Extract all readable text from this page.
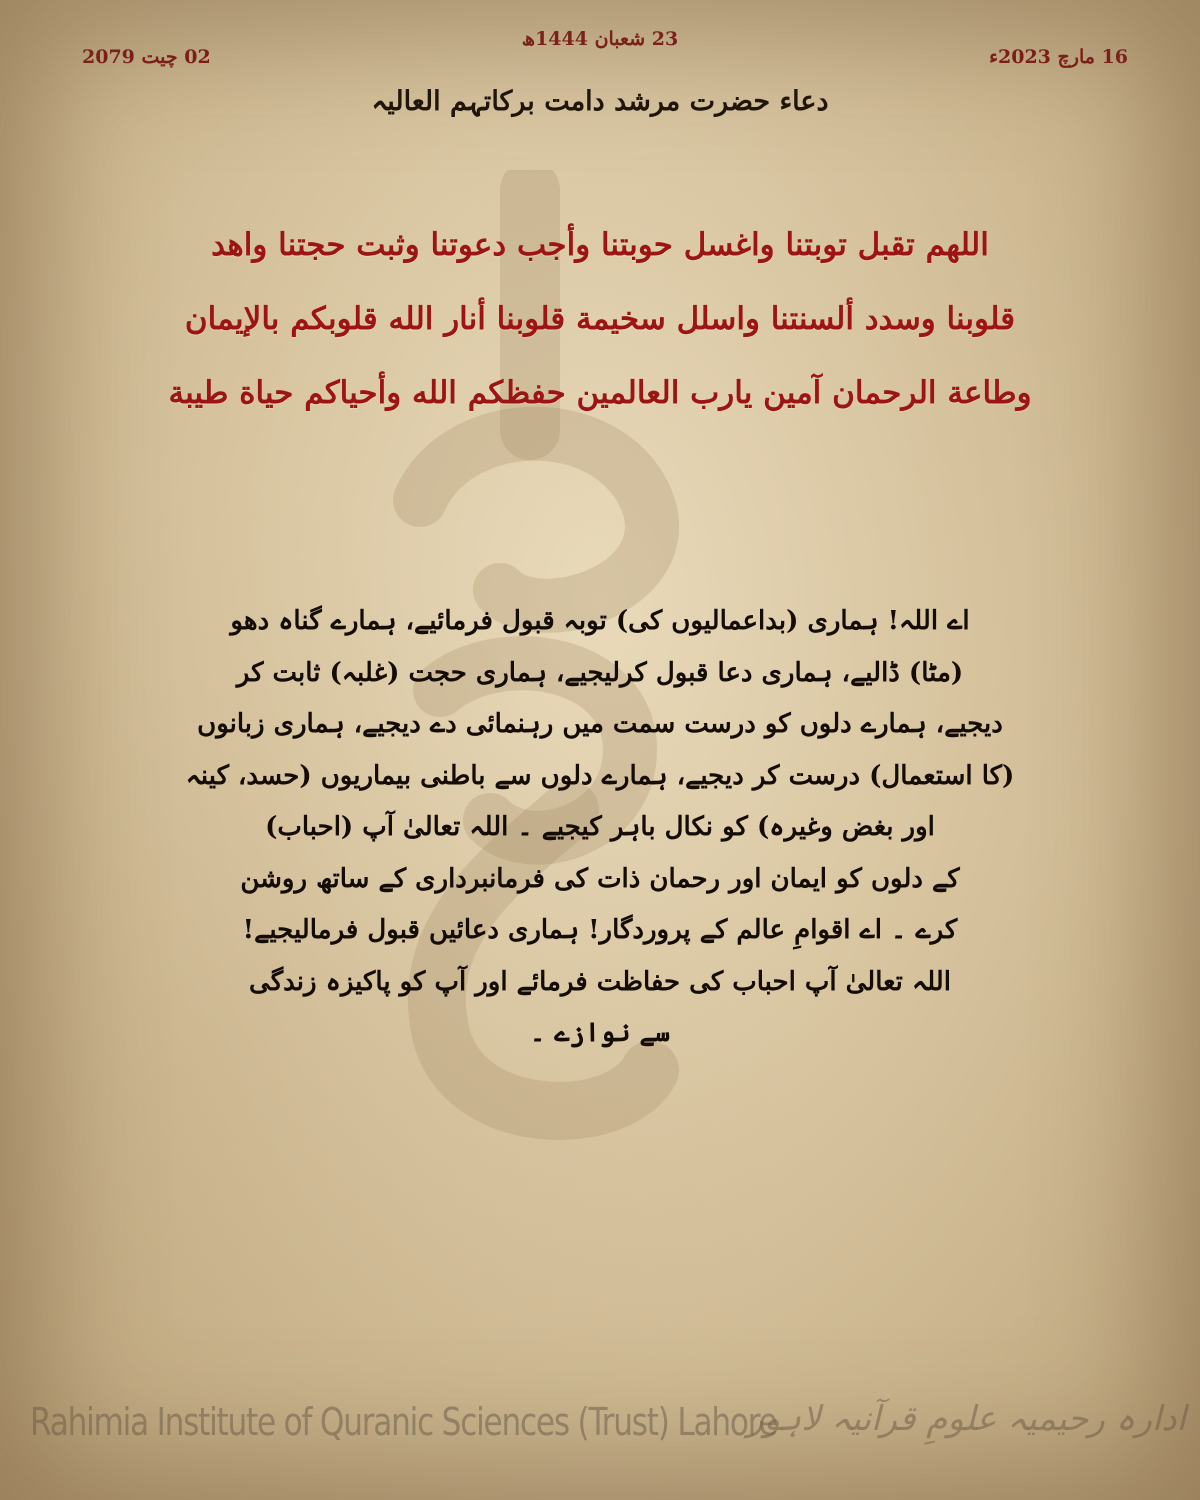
23 شعبان 1444ھ
16 مارچ 2023ء
02 چیت 2079
دعاء حضرت مرشد دامت برکاتہم العالیہ
اللهم تقبل توبتنا واغسل حوبتنا وأجب دعوتنا وثبت حجتنا واهد
قلوبنا وسدد ألسنتنا واسلل سخيمة قلوبنا أنار الله قلوبكم بالإيمان
وطاعة الرحمان آمين يارب العالمين حفظكم الله وأحياكم حياة طيبة
اے اللہ! ہماری (بداعمالیوں کی) توبہ قبول فرمائیے، ہمارے گناہ دھو
(مٹا) ڈالیے، ہماری دعا قبول کرلیجیے، ہماری حجت (غلبہ) ثابت کر
دیجیے، ہمارے دلوں کو درست سمت میں رہنمائی دے دیجیے، ہماری زبانوں
(کا استعمال) درست کر دیجیے، ہمارے دلوں سے باطنی بیماریوں (حسد، کینہ
اور بغض وغیرہ) کو نکال باہر کیجیے ۔ اللہ تعالیٰ آپ (احباب)
کے دلوں کو ایمان اور رحمان ذات کی فرمانبرداری کے ساتھ روشن
کرے ۔ اے اقوامِ عالم کے پروردگار! ہماری دعائیں قبول فرمالیجیے!
اللہ تعالیٰ آپ احباب کی حفاظت فرمائے اور آپ کو پاکیزہ زندگی
سے نوازے ۔
Rahimia Institute of Quranic Sciences (Trust) Lahore
ادارہ رحیمیہ علومِ قرآنیہ لاہور
